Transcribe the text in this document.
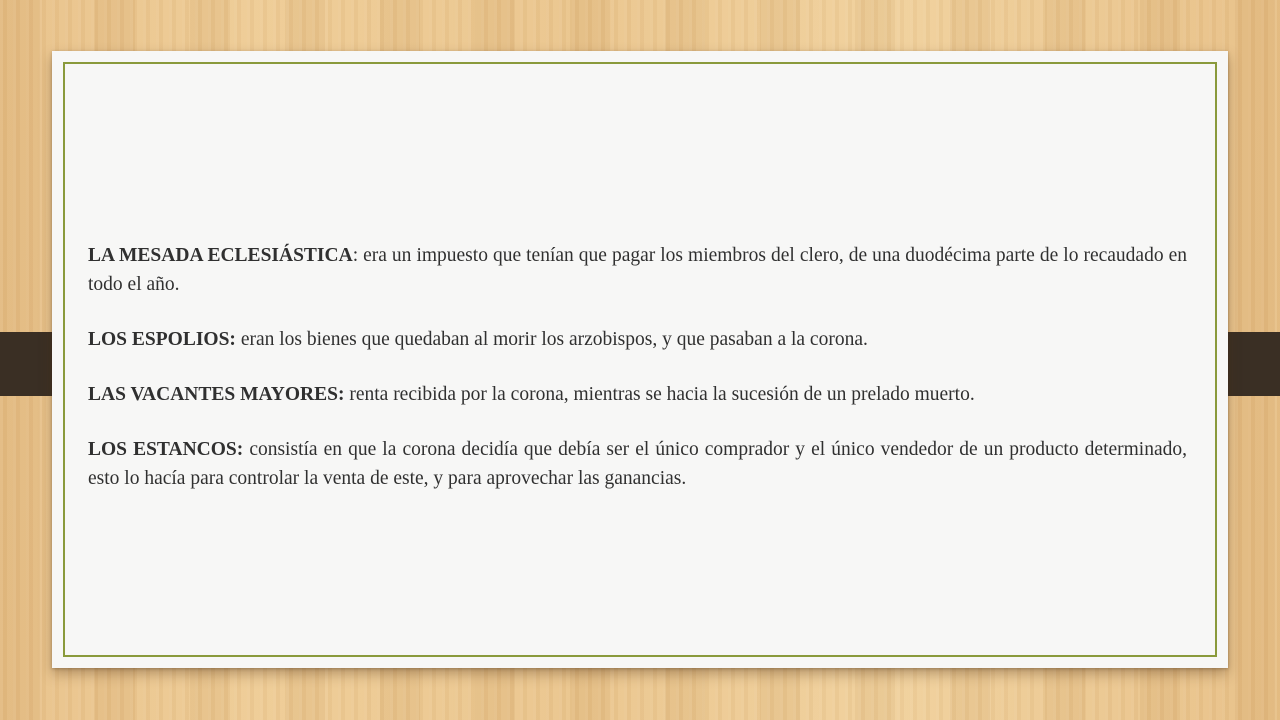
LA MESADA ECLESIÁSTICA: era un impuesto que tenían que pagar los miembros del clero, de una duodécima parte de lo recaudado en todo el año.

LOS ESPOLIOS: eran los bienes que quedaban al morir los arzobispos, y que pasaban a la corona.

LAS VACANTES MAYORES: renta recibida por la corona, mientras se hacia la sucesión de un prelado muerto.

LOS ESTANCOS: consistía en que la corona decidía que debía ser el único comprador y el único vendedor de un producto determinado, esto lo hacía para controlar la venta de este, y para aprovechar las ganancias.
